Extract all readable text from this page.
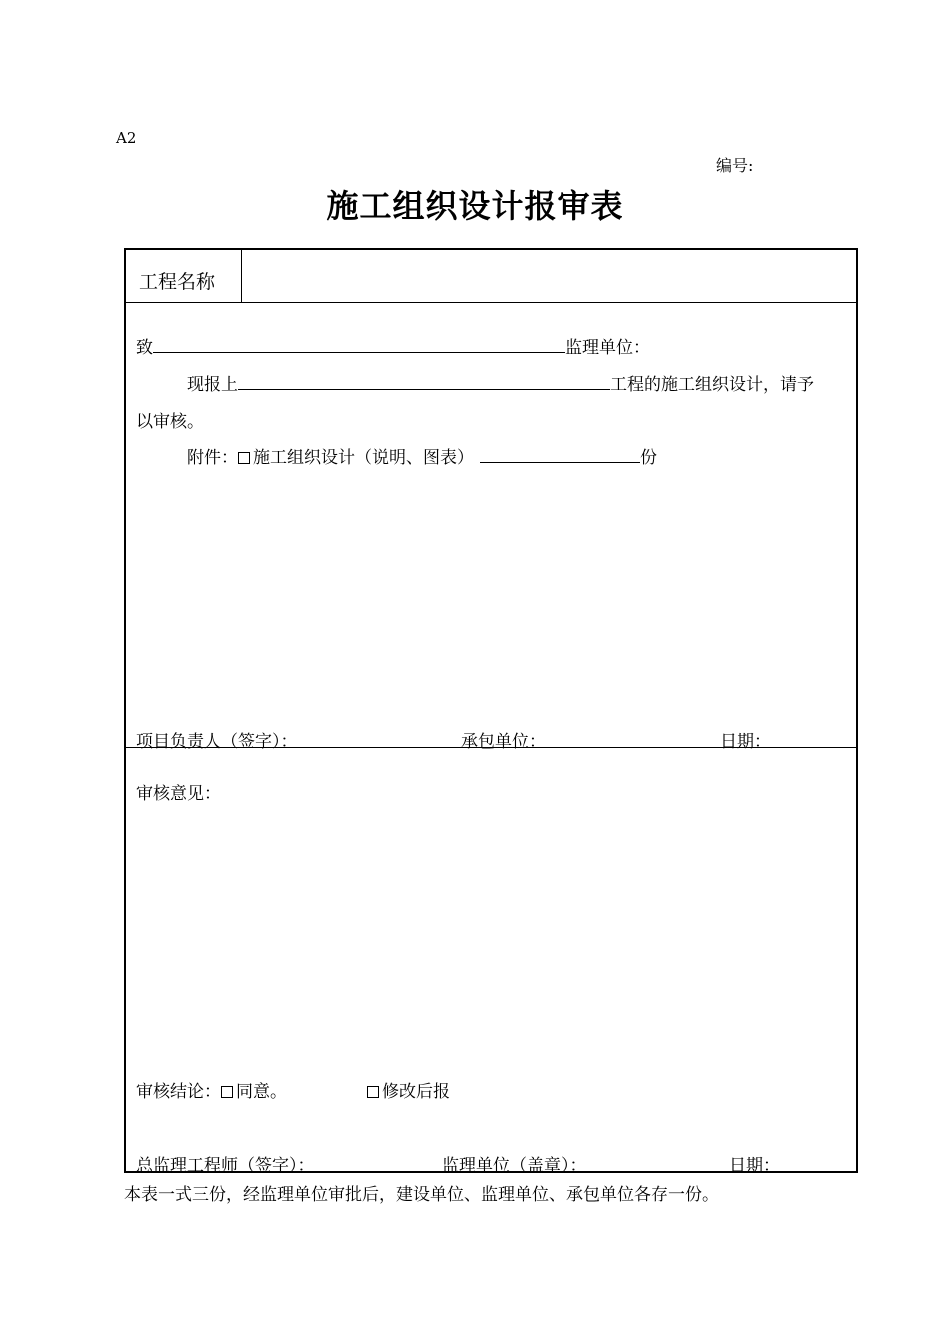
A2
编号:
施工组织设计报审表
工程名称
致	监理单位：
现报上	工程的施工组织设计，请予
以审核。
附件： 施工组织设计（说明、图表）	份
项目负责人（签字）：	承包单位：	日期：
审核意见：
审核结论： 同意。	修改后报
总监理工程师（签字）：	监理单位（盖章）：	日期：
本表一式三份，经监理单位审批后，建设单位、监理单位、承包单位各存一份。
